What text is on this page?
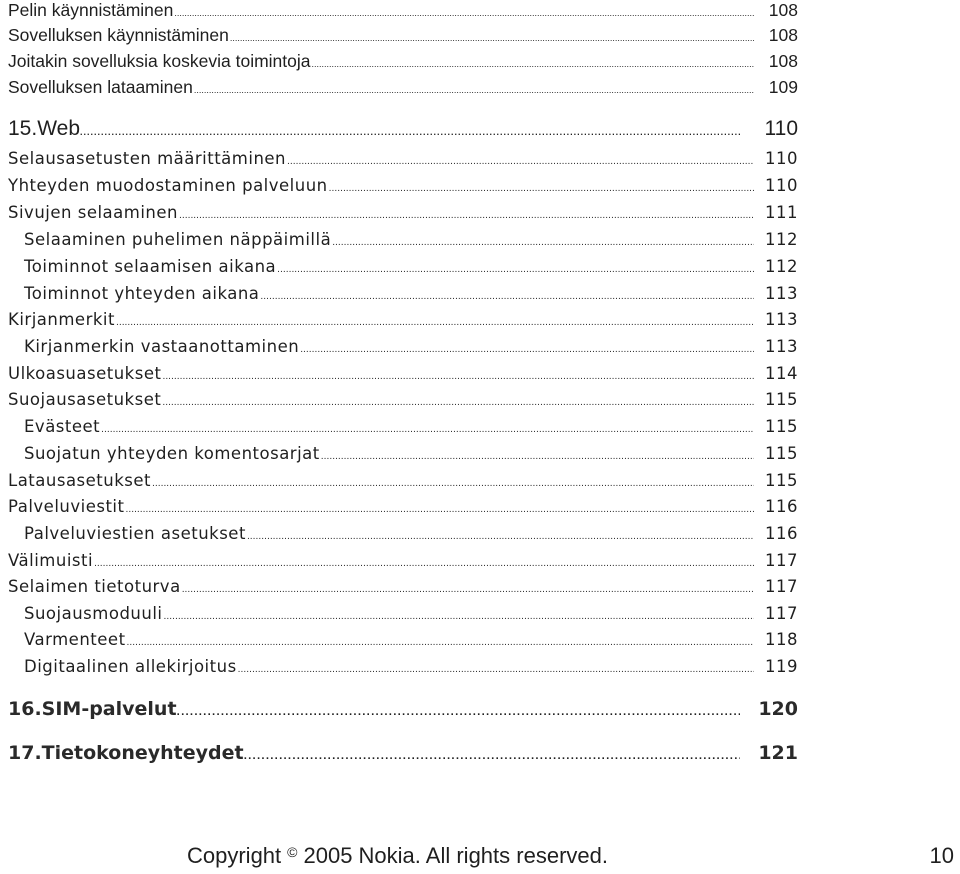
Pelin käynnistäminen .....	108
Sovelluksen käynnistäminen .....	108
Joitakin sovelluksia koskevia toimintoja .....	108
Sovelluksen lataaminen .....	109
15.Web .....	110
Selausasetusten määrittäminen .....	110
Yhteyden muodostaminen palveluun .....	110
Sivujen selaaminen .....	111
Selaaminen puhelimen näppäimillä .....	112
Toiminnot selaamisen aikana .....	112
Toiminnot yhteyden aikana .....	113
Kirjanmerkit .....	113
Kirjanmerkin vastaanottaminen .....	113
Ulkoasuasetukset .....	114
Suojausasetukset .....	115
Evästeet .....	115
Suojatun yhteyden komentosarjat .....	115
Latausasetukset .....	115
Palveluviestit .....	116
Palveluviestien asetukset .....	116
Välimuisti .....	117
Selaimen tietoturva .....	117
Suojausmoduuli .....	117
Varmenteet .....	118
Digitaalinen allekirjoitus .....	119
16.SIM-palvelut .....	120
17.Tietokoneyhteydet .....	121
Copyright © 2005 Nokia. All rights reserved.	10
